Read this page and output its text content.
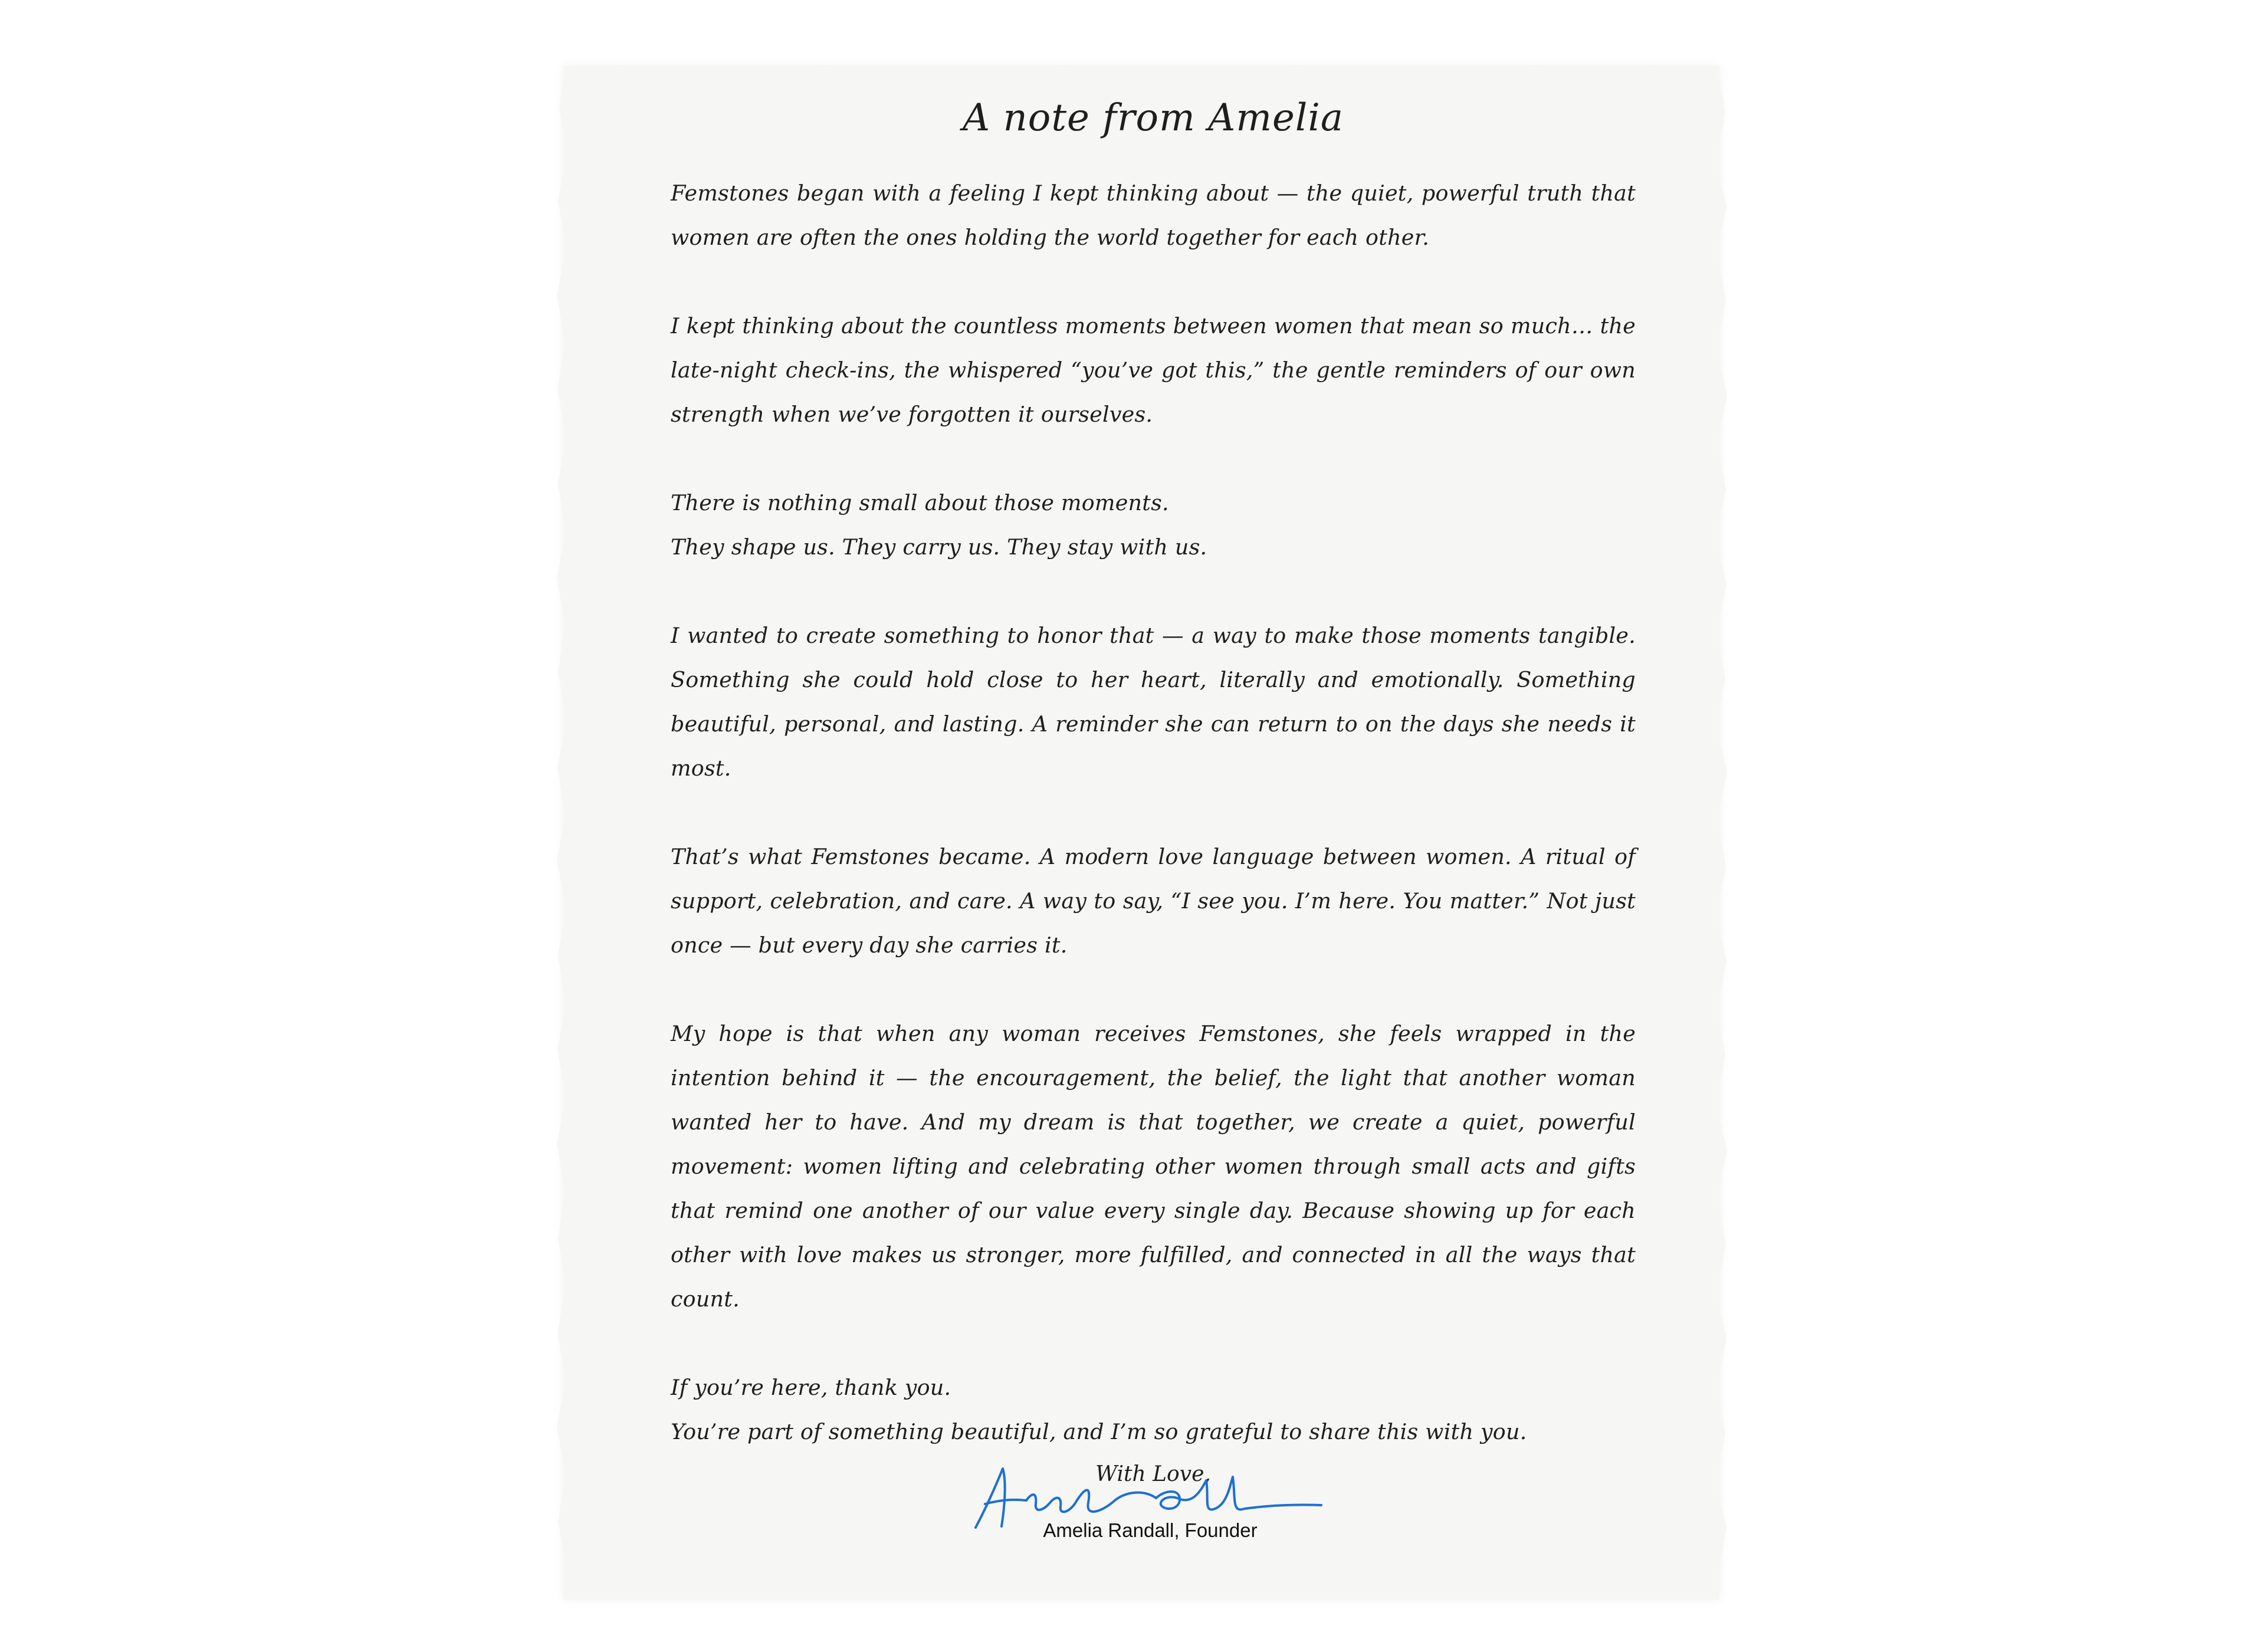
A note from Amelia

Femstones began with a feeling I kept thinking about — the quiet, powerful truth that women are often the ones holding the world together for each other.

I kept thinking about the countless moments between women that mean so much… the late-night check-ins, the whispered “you’ve got this,” the gentle reminders of our own strength when we’ve forgotten it ourselves.

There is nothing small about those moments.
They shape us. They carry us. They stay with us.

I wanted to create something to honor that — a way to make those moments tangible. Something she could hold close to her heart, literally and emotionally. Something beautiful, personal, and lasting. A reminder she can return to on the days she needs it most.

That’s what Femstones became. A modern love language between women. A ritual of support, celebration, and care. A way to say, “I see you. I’m here. You matter.” Not just once — but every day she carries it.

My hope is that when any woman receives Femstones, she feels wrapped in the intention behind it — the encouragement, the belief, the light that another woman wanted her to have. And my dream is that together, we create a quiet, powerful movement: women lifting and celebrating other women through small acts and gifts that remind one another of our value every single day. Because showing up for each other with love makes us stronger, more fulfilled, and connected in all the ways that count.

If you’re here, thank you.
You’re part of something beautiful, and I’m so grateful to share this with you.

With Love,

Amelia Randall, Founder
